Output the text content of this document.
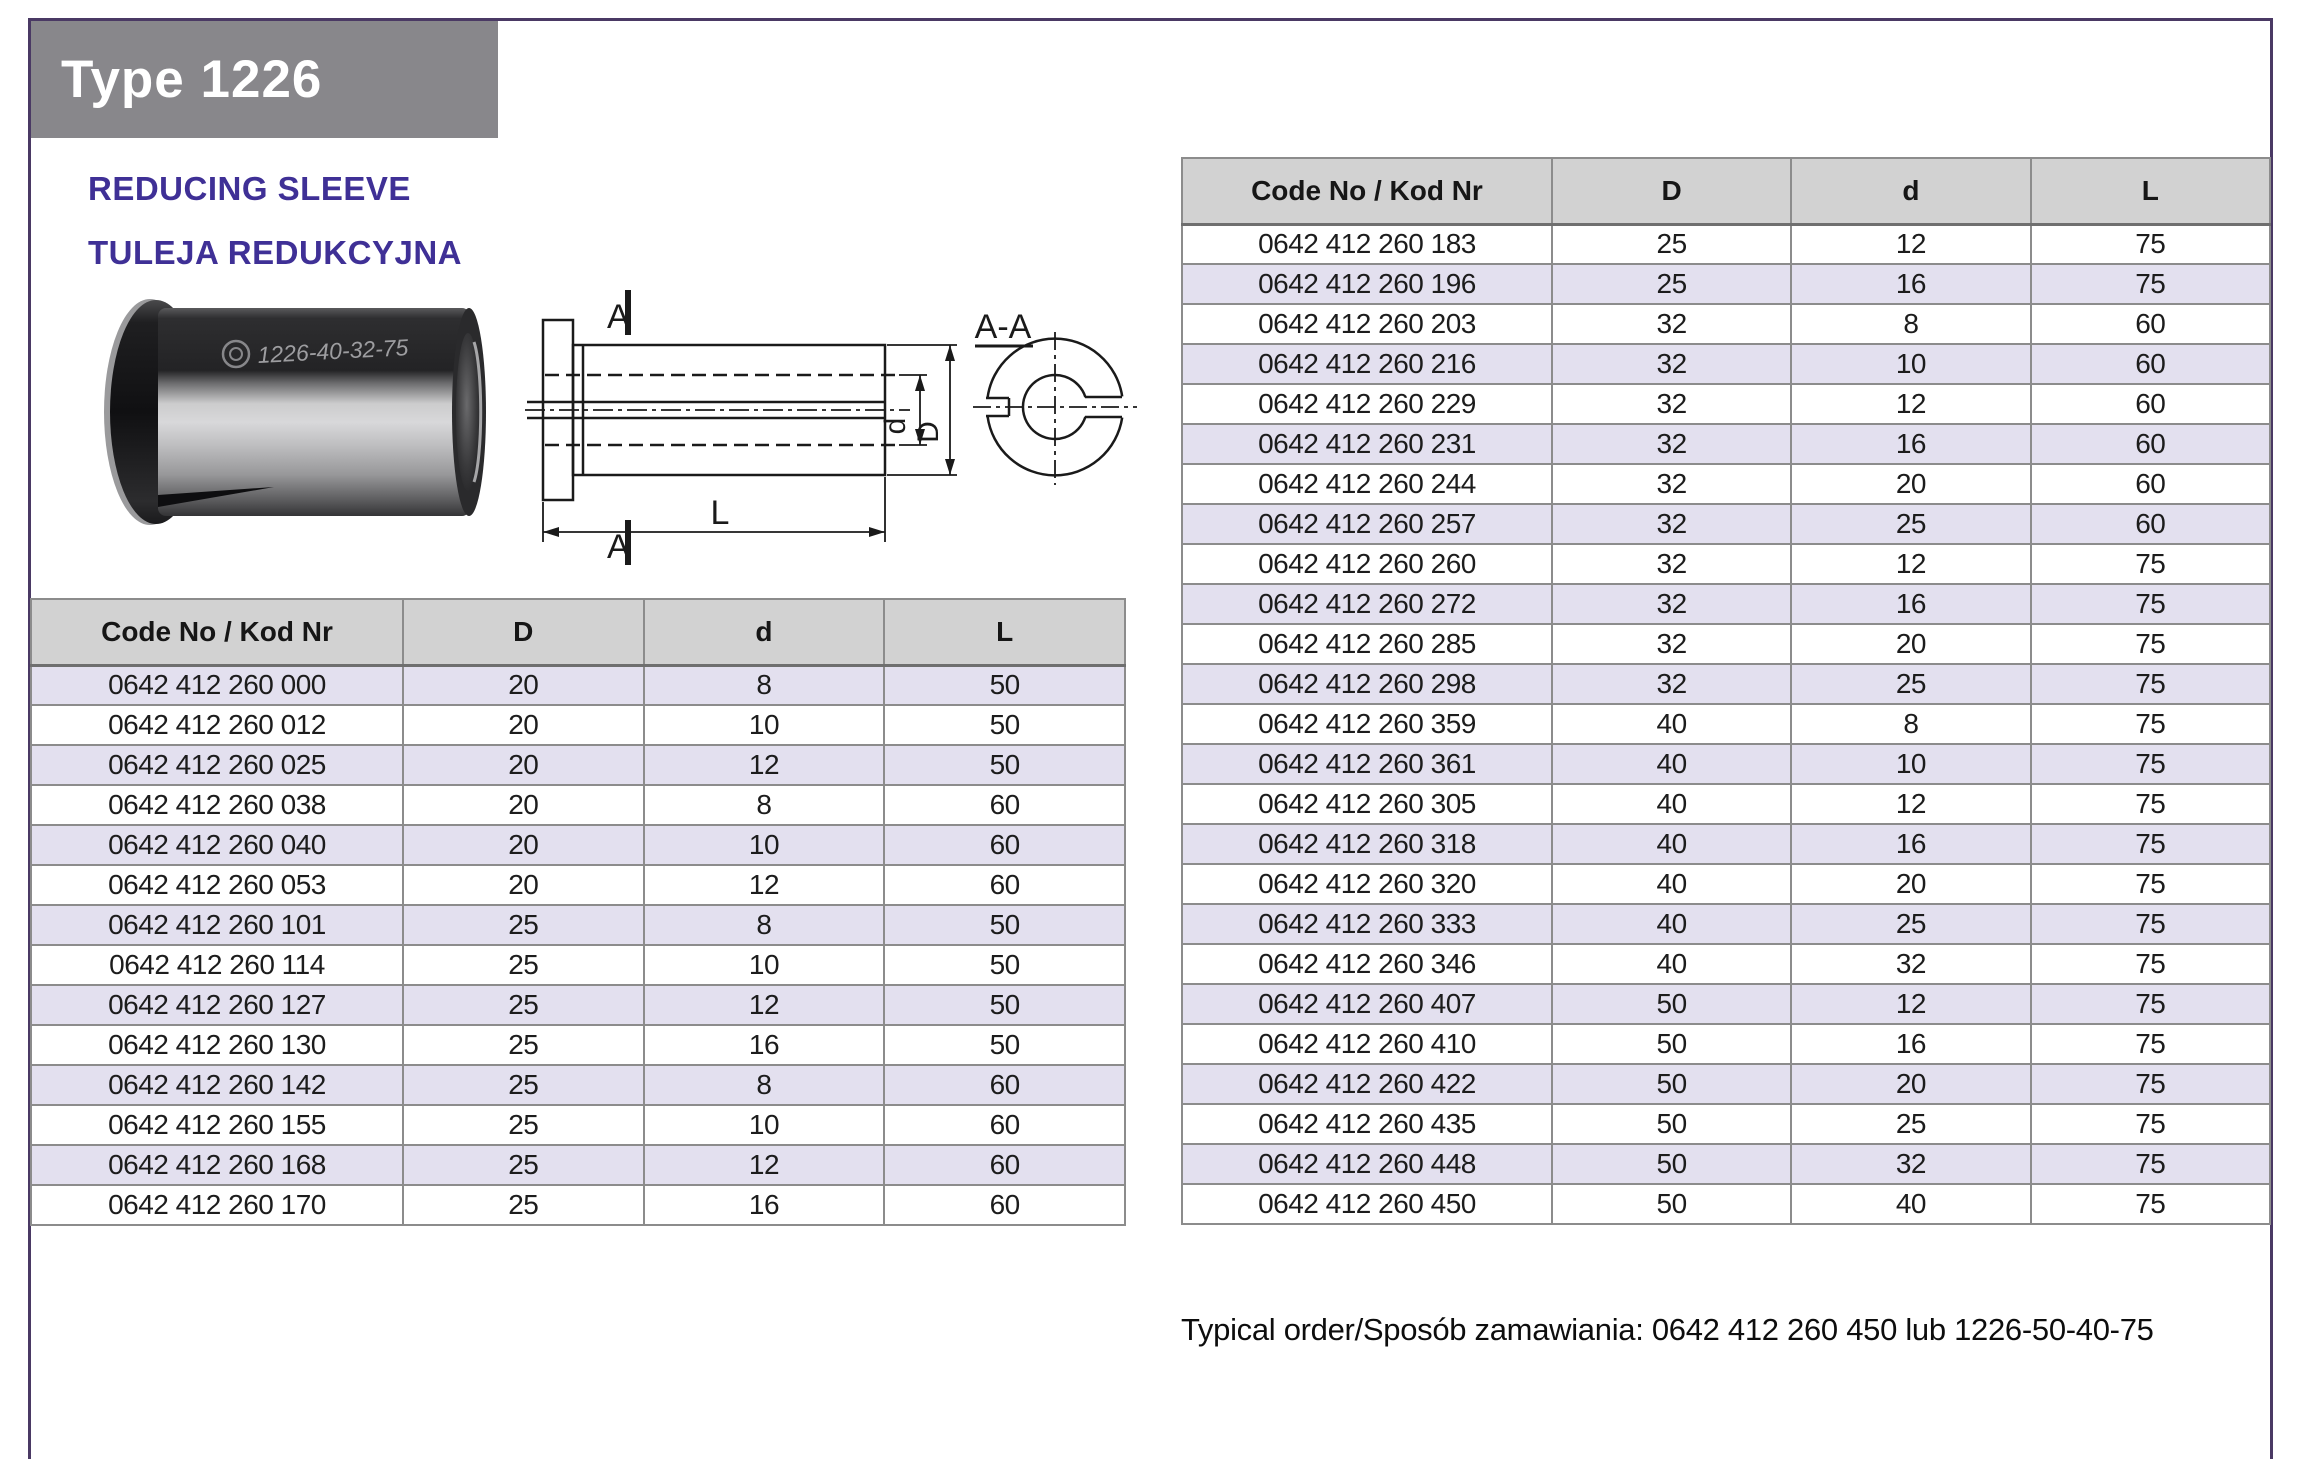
Type 1226
REDUCING SLEEVE
TULEJA REDUKCYJNA
1226-40-32-75
A
A
A-A
d D
L
Code No / Kod Nr	D	d	L
0642 412 260 000	20	8	50
0642 412 260 012	20	10	50
0642 412 260 025	20	12	50
0642 412 260 038	20	8	60
0642 412 260 040	20	10	60
0642 412 260 053	20	12	60
0642 412 260 101	25	8	50
0642 412 260 114	25	10	50
0642 412 260 127	25	12	50
0642 412 260 130	25	16	50
0642 412 260 142	25	8	60
0642 412 260 155	25	10	60
0642 412 260 168	25	12	60
0642 412 260 170	25	16	60
Code No / Kod Nr	D	d	L
0642 412 260 183	25	12	75
0642 412 260 196	25	16	75
0642 412 260 203	32	8	60
0642 412 260 216	32	10	60
0642 412 260 229	32	12	60
0642 412 260 231	32	16	60
0642 412 260 244	32	20	60
0642 412 260 257	32	25	60
0642 412 260 260	32	12	75
0642 412 260 272	32	16	75
0642 412 260 285	32	20	75
0642 412 260 298	32	25	75
0642 412 260 359	40	8	75
0642 412 260 361	40	10	75
0642 412 260 305	40	12	75
0642 412 260 318	40	16	75
0642 412 260 320	40	20	75
0642 412 260 333	40	25	75
0642 412 260 346	40	32	75
0642 412 260 407	50	12	75
0642 412 260 410	50	16	75
0642 412 260 422	50	20	75
0642 412 260 435	50	25	75
0642 412 260 448	50	32	75
0642 412 260 450	50	40	75
Typical order/Sposób zamawiania: 0642 412 260 450 lub 1226-50-40-75
